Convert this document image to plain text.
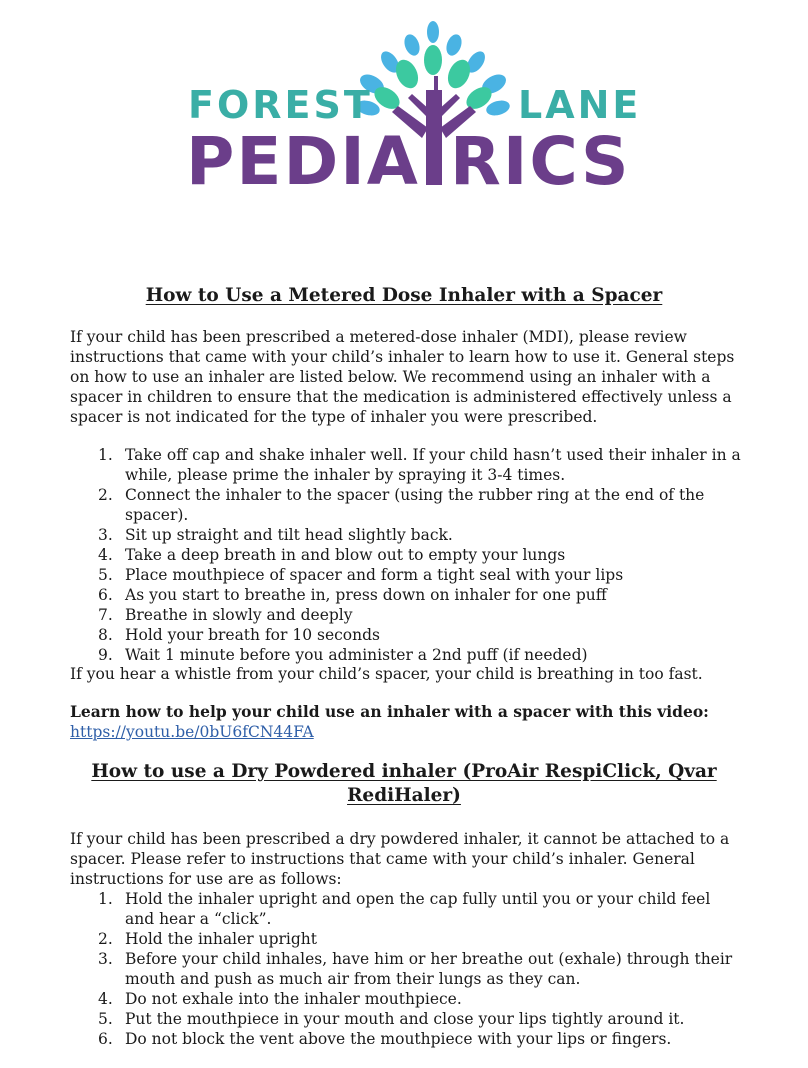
FOREST	LANE
PEDIA RICS
How to Use a Metered Dose Inhaler with a Spacer

If your child has been prescribed a metered-dose inhaler (MDI), please review instructions that came with your child’s inhaler to learn how to use it. General steps on how to use an inhaler are listed below. We recommend using an inhaler with a spacer in children to ensure that the medication is administered effectively unless a spacer is not indicated for the type of inhaler you were prescribed.

1. Take off cap and shake inhaler well. If your child hasn’t used their inhaler in a while, please prime the inhaler by spraying it 3-4 times.
2. Connect the inhaler to the spacer (using the rubber ring at the end of the spacer).
3. Sit up straight and tilt head slightly back.
4. Take a deep breath in and blow out to empty your lungs
5. Place mouthpiece of spacer and form a tight seal with your lips
6. As you start to breathe in, press down on inhaler for one puff
7. Breathe in slowly and deeply
8. Hold your breath for 10 seconds
9. Wait 1 minute before you administer a 2nd puff (if needed)

If you hear a whistle from your child’s spacer, your child is breathing in too fast.

Learn how to help your child use an inhaler with a spacer with this video:
https://youtu.be/0bU6fCN44FA
How to use a Dry Powdered inhaler (ProAir RespiClick, Qvar RediHaler)

If your child has been prescribed a dry powdered inhaler, it cannot be attached to a spacer. Please refer to instructions that came with your child’s inhaler. General instructions for use are as follows:

1. Hold the inhaler upright and open the cap fully until you or your child feel and hear a “click”.
2. Hold the inhaler upright
3. Before your child inhales, have him or her breathe out (exhale) through their mouth and push as much air from their lungs as they can.
4. Do not exhale into the inhaler mouthpiece.
5. Put the mouthpiece in your mouth and close your lips tightly around it.
6. Do not block the vent above the mouthpiece with your lips or fingers.
